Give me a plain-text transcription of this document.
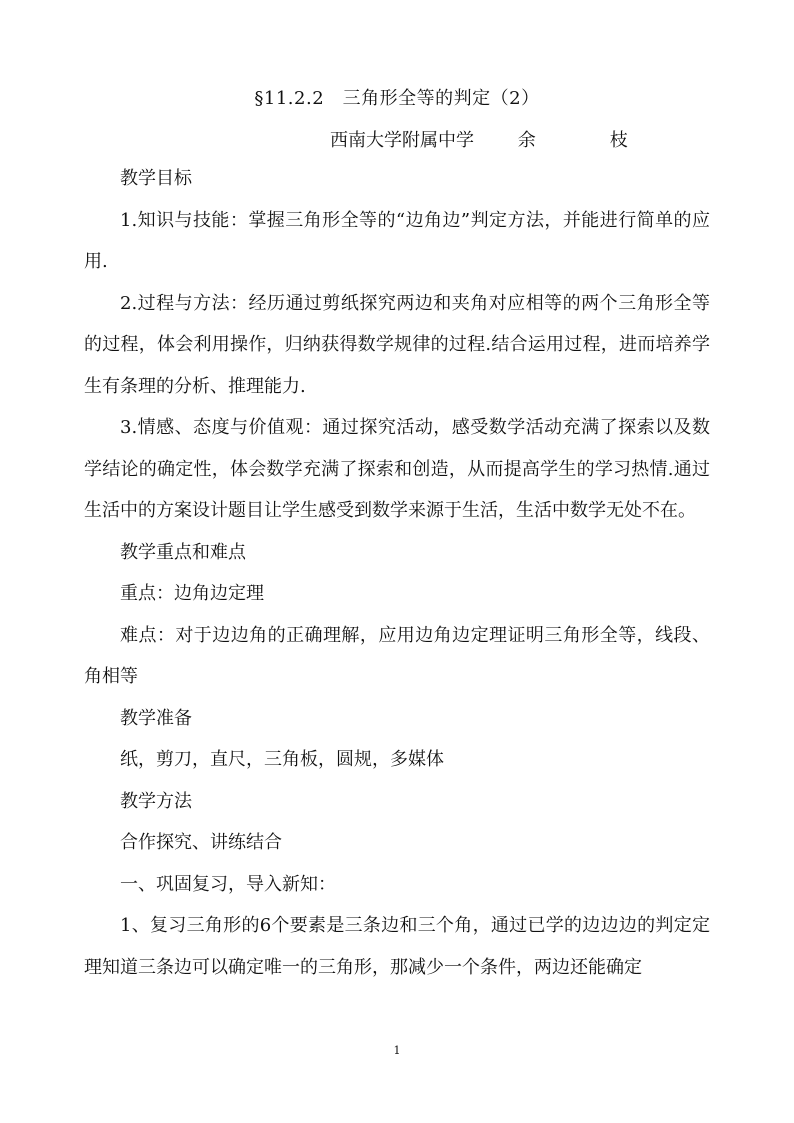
§11.2.2　三角形全等的判定（2）
西南大学附属中学 余　枝

教学目标

1.知识与技能：掌握三角形全等的“边角边”判定方法，并能进行简单的应用.

2.过程与方法：经历通过剪纸探究两边和夹角对应相等的两个三角形全等的过程，体会利用操作，归纳获得数学规律的过程.结合运用过程，进而培养学生有条理的分析、推理能力.

3.情感、态度与价值观：通过探究活动，感受数学活动充满了探索以及数学结论的确定性，体会数学充满了探索和创造，从而提高学生的学习热情.通过生活中的方案设计题目让学生感受到数学来源于生活，生活中数学无处不在。

教学重点和难点

重点：边角边定理

难点：对于边边角的正确理解，应用边角边定理证明三角形全等，线段、角相等

教学准备

纸，剪刀，直尺，三角板，圆规，多媒体

教学方法

合作探究、讲练结合

一、巩固复习，导入新知：

1、复习三角形的6个要素是三条边和三个角，通过已学的边边边的判定定理知道三条边可以确定唯一的三角形，那减少一个条件，两边还能确定

1
